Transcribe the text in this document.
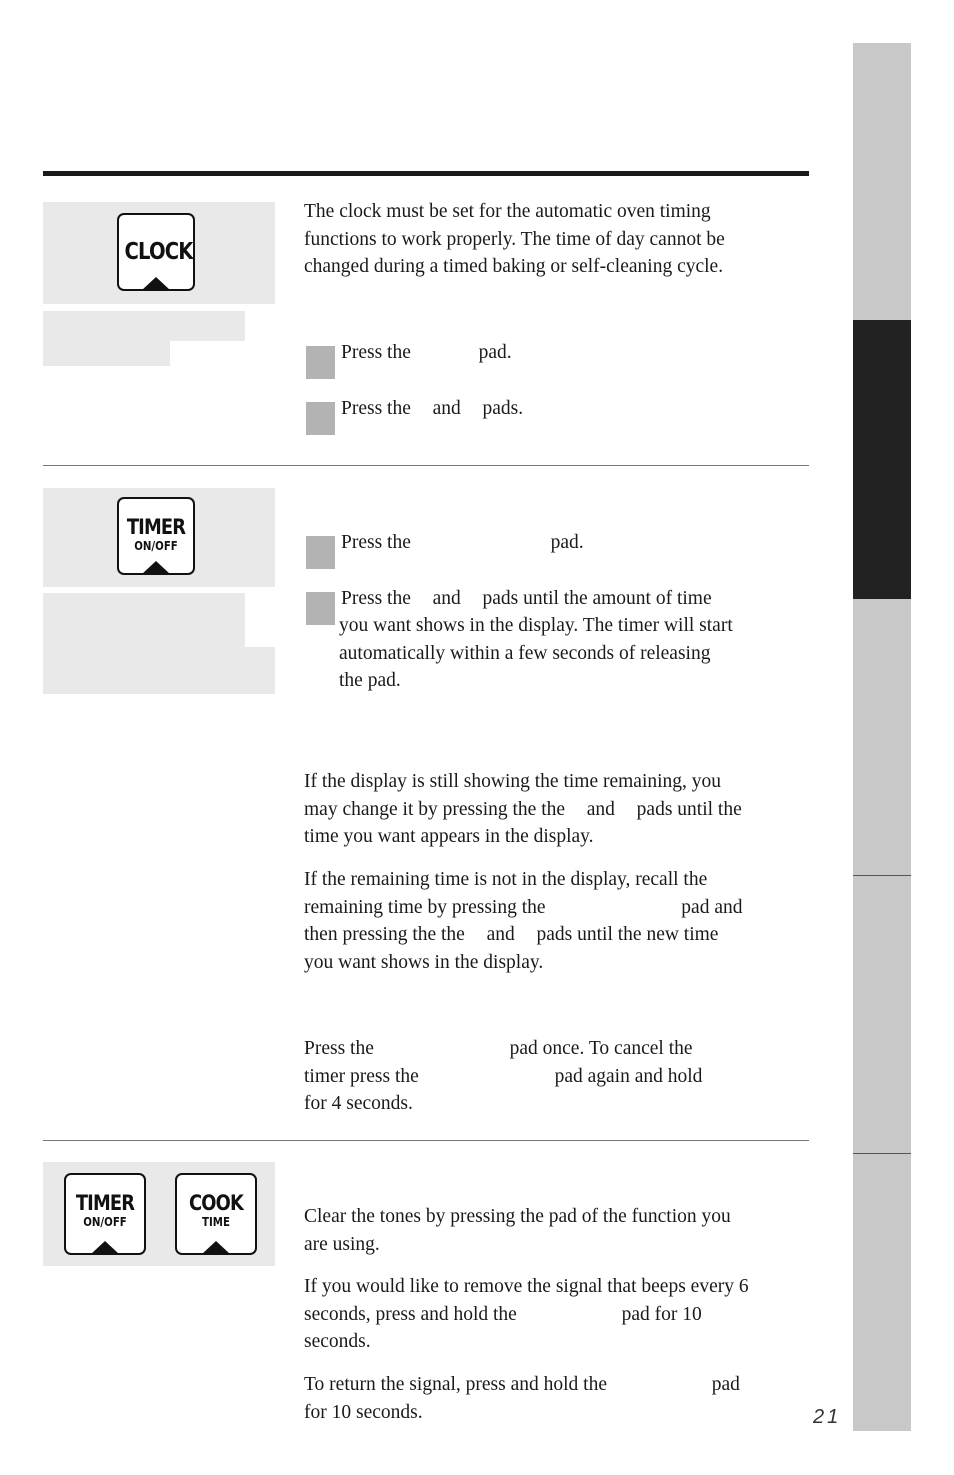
CLOCK
The clock must be set for the automatic oven timing
functions to work properly. The time of day cannot be
changed during a timed baking or self-cleaning cycle.
Press the	pad.
Press the and pads.
TIMER
ON/OFF	Press the	pad.
Press the and pads until the amount of time
you want shows in the display. The timer will start
automatically within a few seconds of releasing
the pad.
If the display is still showing the time remaining, you
may change it by pressing the the and pads until the
time you want appears in the display.
If the remaining time is not in the display, recall the
remaining time by pressing the	pad and
then pressing the the and pads until the new time
you want shows in the display.
Press the	pad once. To cancel the
timer press the	pad again and hold
for 4 seconds.
TIMER
ON/OFF
COOK
TIME	Clear the tones by pressing the pad of the function you
are using.
If you would like to remove the signal that beeps every 6
seconds, press and hold the	pad for 10
seconds.
To return the signal, press and hold the	pad
for 10 seconds.	21
